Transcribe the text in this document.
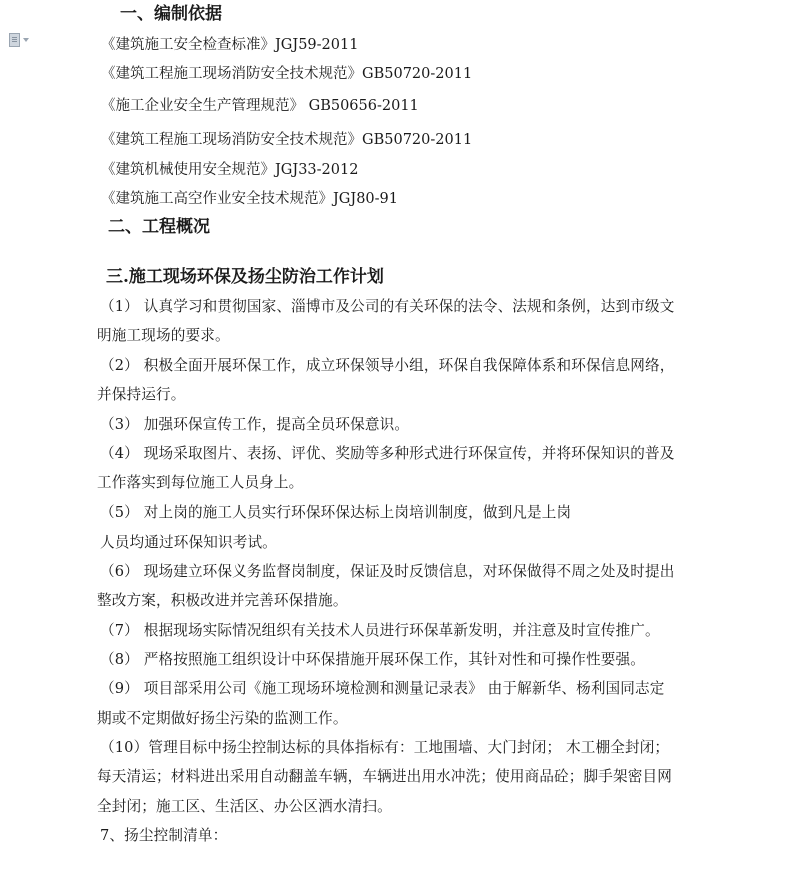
一、编制依据
《建筑施工安全检查标准》JGJ59-2011
《建筑工程施工现场消防安全技术规范》GB50720-2011
《施工企业安全生产管理规范》 GB50656-2011
《建筑工程施工现场消防安全技术规范》GB50720-2011
《建筑机械使用安全规范》JGJ33-2012
《建筑施工高空作业安全技术规范》JGJ80-91
二、工程概况
三.施工现场环保及扬尘防治工作计划
（1） 认真学习和贯彻国家、淄博市及公司的有关环保的法令、法规和条例，达到市级文
明施工现场的要求。
（2） 积极全面开展环保工作，成立环保领导小组，环保自我保障体系和环保信息网络，
并保持运行。
（3） 加强环保宣传工作，提高全员环保意识。
（4） 现场采取图片、表扬、评优、奖励等多种形式进行环保宣传，并将环保知识的普及
工作落实到每位施工人员身上。
（5） 对上岗的施工人员实行环保环保达标上岗培训制度，做到凡是上岗
人员均通过环保知识考试。
（6） 现场建立环保义务监督岗制度，保证及时反馈信息，对环保做得不周之处及时提出
整改方案，积极改进并完善环保措施。
（7） 根据现场实际情况组织有关技术人员进行环保革新发明，并注意及时宣传推广。
（8） 严格按照施工组织设计中环保措施开展环保工作，其针对性和可操作性要强。
（9） 项目部采用公司《施工现场环境检测和测量记录表》 由于解新华、杨利国同志定
期或不定期做好扬尘污染的监测工作。
（10）管理目标中扬尘控制达标的具体指标有：工地围墙、大门封闭； 木工棚全封闭；
每天清运；材料进出采用自动翻盖车辆，车辆进出用水冲洗；使用商品砼；脚手架密目网
全封闭；施工区、生活区、办公区洒水清扫。
7、扬尘控制清单：
